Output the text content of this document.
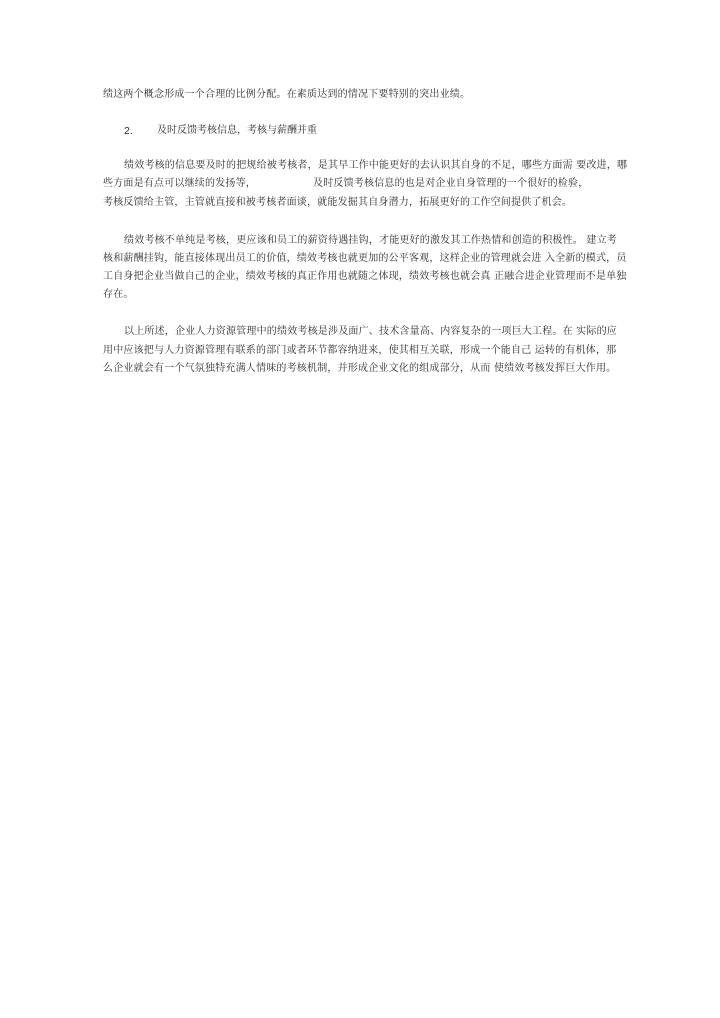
绩这两个概念形成一个合理的比例分配。在素质达到的情况下要特别的突出业绩。
2. 及时反馈考核信息，考核与薪酬并重
绩效考核的信息要及时的把规给被考核者，是其早工作中能更好的去认识其自身的不足，哪些方面需 要改进，哪
些方面是有点可以继续的发扬等，	及时反馈考核信息的也是对企业自身管理的一个很好的检验，
考核反馈给主管，主管就直接和被考核者面谈，就能发掘其自身潜力，拓展更好的工作空间提供了机会。
绩效考核不单纯是考核，更应该和员工的薪资待遇挂钩，才能更好的激发其工作热情和创造的积极性。 建立考
核和薪酬挂钩，能直接体现出员工的价值，绩效考核也就更加的公平客观，这样企业的管理就会进 入全新的模式，员
工自身把企业当做自己的企业，绩效考核的真正作用也就随之体现，绩效考核也就会真 正融合进企业管理而不是单独
存在。
以上所述，企业人力资源管理中的绩效考核是涉及面广、技术含量高、内容复杂的一项巨大工程。在 实际的应
用中应该把与人力资源管理有联系的部门或者环节都容纳进来，使其相互关联，形成一个能自己 运转的有机体，那
么企业就会有一个气氛独特充满人情味的考核机制，并形成企业文化的组成部分，从而 使绩效考核发挥巨大作用。
